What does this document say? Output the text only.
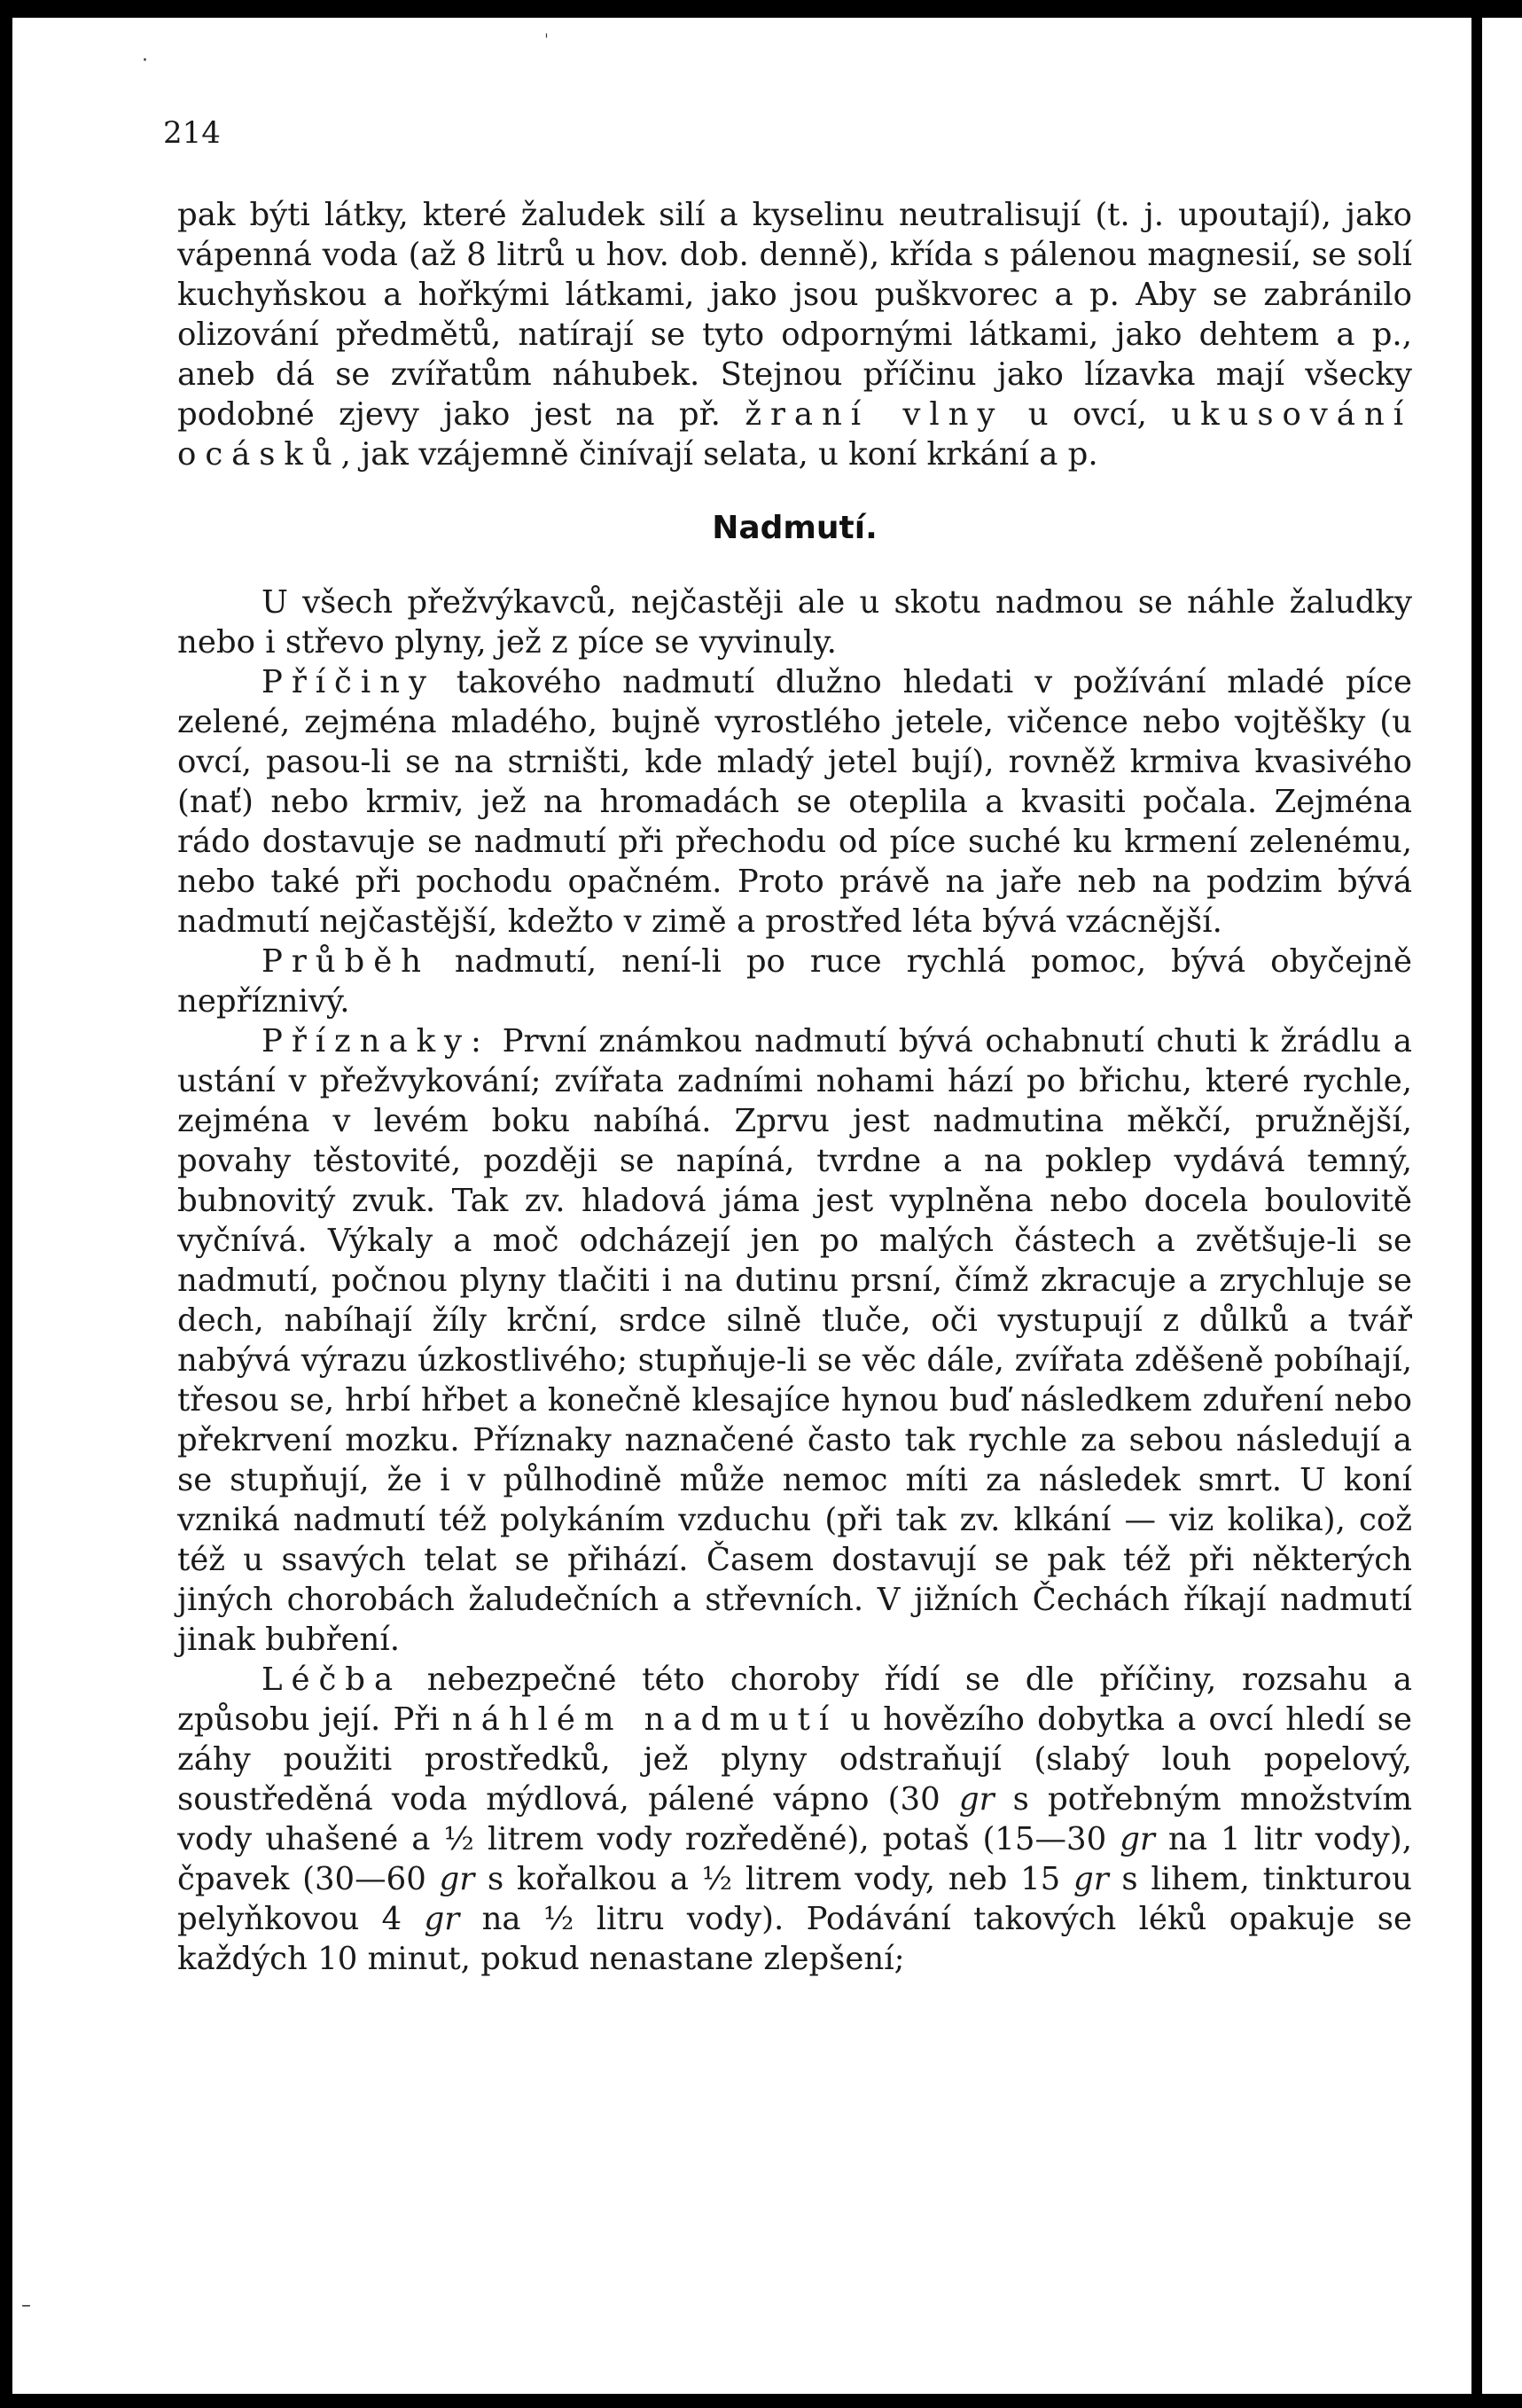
·
ˌ
–
214

pak býti látky, které žaludek silí a kyselinu neutralisují (t. j. upoutají), jako vápenná voda (až 8 litrů u hov. dob. denně), křída s pálenou magnesií, se solí kuchyňskou a hořkými látkami, jako jsou puškvorec a p. Aby se zabránilo olizování předmětů, natírají se tyto odpornými látkami, jako dehtem a p., aneb dá se zvířatům náhubek. Stejnou příčinu jako lízavka mají všecky podobné zjevy jako jest na př. žraní vlny u ovcí, ukusování ocásků, jak vzájemně činívají selata, u koní krkání a p.

Nadmutí.

U všech přežvýkavců, nejčastěji ale u skotu nadmou se náhle žaludky nebo i střevo plyny, jež z píce se vyvinuly.

Příčiny takového nadmutí dlužno hledati v požívání mladé píce zelené, zejména mladého, bujně vyrostlého jetele, vičence nebo vojtěšky (u ovcí, pasou-li se na strništi, kde mladý jetel bují), rovněž krmiva kvasivého (nať) nebo krmiv, jež na hromadách se oteplila a kvasiti počala. Zejména rádo dostavuje se nadmutí při přechodu od píce suché ku krmení zelenému, nebo také při pochodu opačném. Proto právě na jaře neb na podzim bývá nadmutí nejčastější, kdežto v zimě a prostřed léta bývá vzácnější.

Průběh nadmutí, není-li po ruce rychlá pomoc, bývá obyčejně nepříznivý.

Příznaky: První známkou nadmutí bývá ochabnutí chuti k žrádlu a ustání v přežvykování; zvířata zadními nohami hází po břichu, které rychle, zejména v levém boku nabíhá. Zprvu jest nadmutina měkčí, pružnější, povahy těstovité, později se napíná, tvrdne a na poklep vydává temný, bubnovitý zvuk. Tak zv. hladová jáma jest vyplněna nebo docela boulovitě vyčnívá. Výkaly a moč odcházejí jen po malých částech a zvětšuje-li se nadmutí, počnou plyny tlačiti i na dutinu prsní, čímž zkracuje a zrychluje se dech, nabíhají žíly krční, srdce silně tluče, oči vystupují z důlků a tvář nabývá výrazu úzkostlivého; stupňuje-li se věc dále, zvířata zděšeně pobíhají, třesou se, hrbí hřbet a konečně klesajíce hynou buď následkem zduření nebo překrvení mozku. Příznaky naznačené často tak rychle za sebou následují a se stupňují, že i v půlhodině může nemoc míti za následek smrt. U koní vzniká nadmutí též polykáním vzduchu (při tak zv. klkání — viz kolika), což též u ssavých telat se přihází. Časem dostavují se pak též při některých jiných chorobách žaludečních a střevních. V jižních Čechách říkají nadmutí jinak bubření.

Léčba nebezpečné této choroby řídí se dle příčiny, rozsahu a způsobu její. Při náhlém nadmutí u hovězího dobytka a ovcí hledí se záhy použiti prostředků, jež plyny odstraňují (slabý louh popelový, soustředěná voda mýdlová, pálené vápno (30 gr s potřebným množstvím vody uhašené a ½ litrem vody rozředěné), potaš (15—30 gr na 1 litr vody), čpavek (30—60 gr s kořalkou a ½ litrem vody, neb 15 gr s lihem, tinkturou pelyňkovou 4 gr na ½ litru vody). Podávání takových léků opakuje se každých 10 minut, pokud nenastane zlepšení;
